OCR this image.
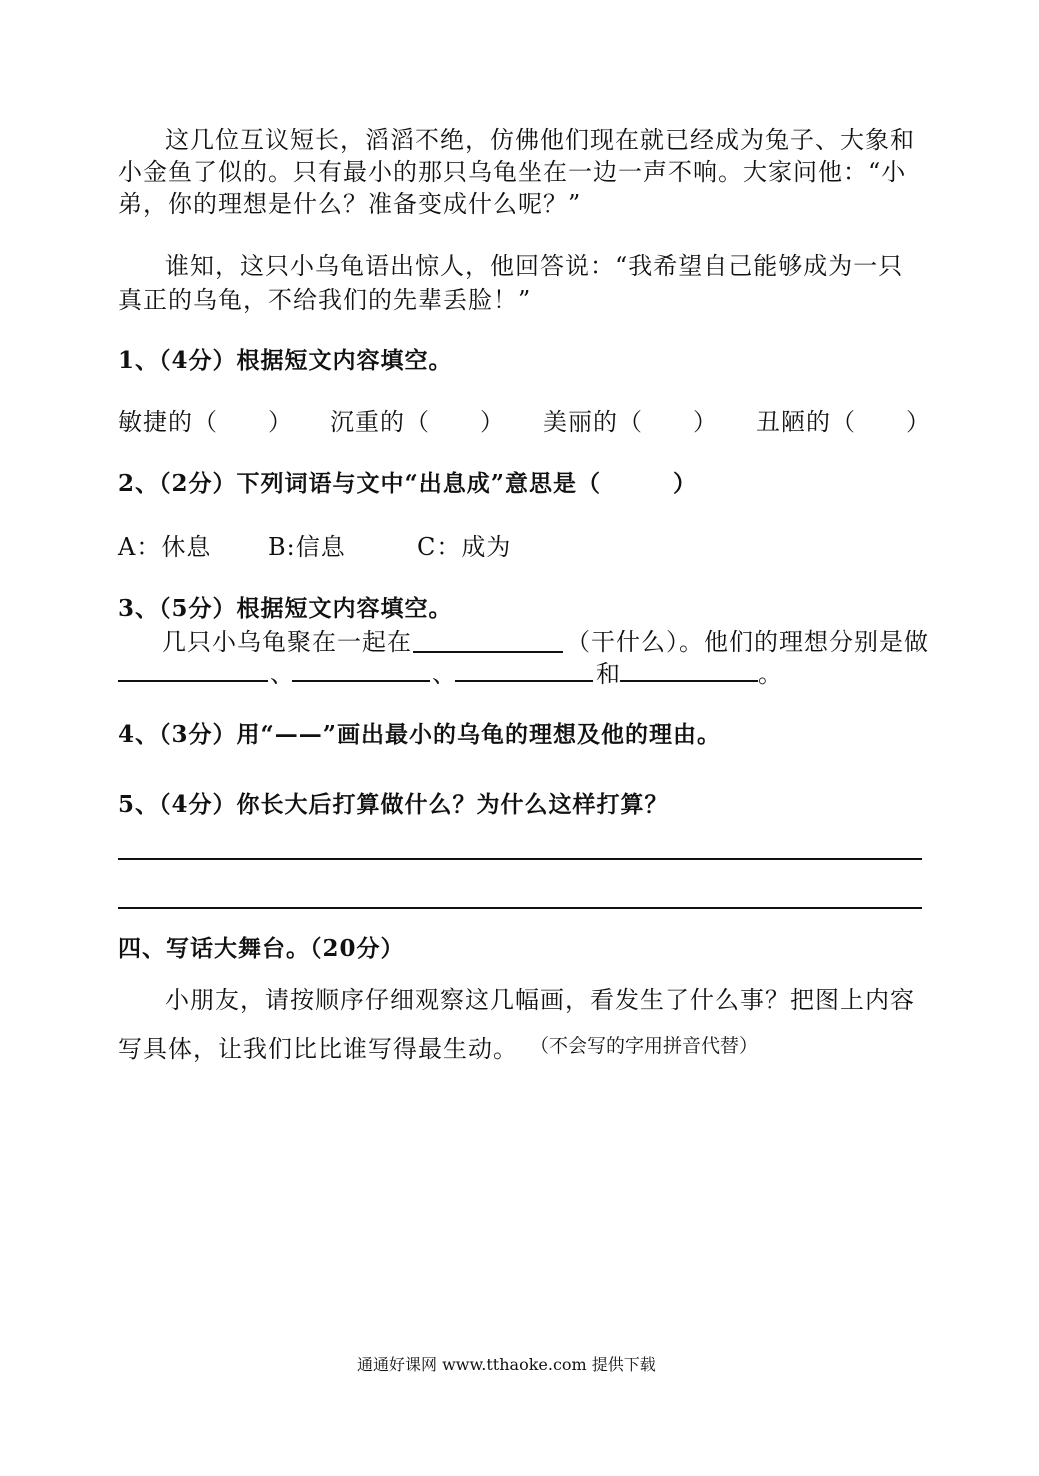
这几位互议短长，滔滔不绝，仿佛他们现在就已经成为兔子、大象和
小金鱼了似的。只有最小的那只乌龟坐在一边一声不响。大家问他：“小
弟，你的理想是什么？准备变成什么呢？”
谁知，这只小乌龟语出惊人，他回答说：“我希望自己能够成为一只
真正的乌龟，不给我们的先辈丢脸！”
1、（4分）根据短文内容填空。
敏捷的（　　） 沉重的（　　） 美丽的（　　） 丑陋的（　　）
2、（2分）下列词语与文中“出息成”意思是（　　　）
A：休息 B:信息	C：成为
3、（5分）根据短文内容填空。
几只小乌龟聚在一起在	（干什么）。他们的理想分别是做
、	、	和	。
4、（3分）用“——”画出最小的乌龟的理想及他的理由。
5、（4分）你长大后打算做什么？为什么这样打算？
四、写话大舞台。（20分）
小朋友，请按顺序仔细观察这几幅画，看发生了什么事？把图上内容
写具体，让我们比比谁写得最生动。 （不会写的字用拼音代替）
通通好课网 www.tthaoke.com 提供下载
